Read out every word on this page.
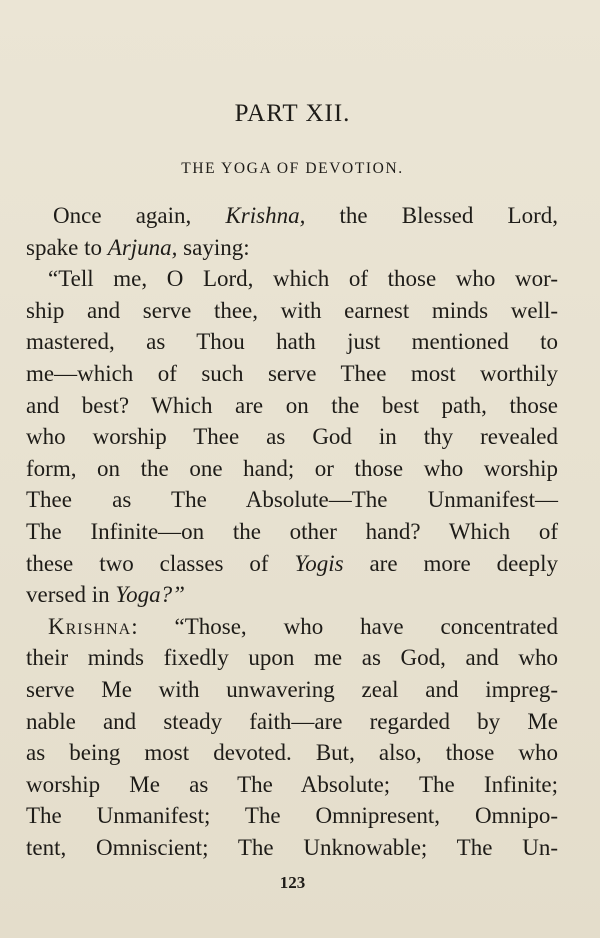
PART XII.
THE YOGA OF DEVOTION.
Once again, Krishna, the Blessed Lord,
spake to Arjuna, saying:
“Tell me, O Lord, which of those who wor-
ship and serve thee, with earnest minds well-
mastered, as Thou hath just mentioned to
me—which of such serve Thee most worthily
and best? Which are on the best path, those
who worship Thee as God in thy revealed
form, on the one hand; or those who worship
Thee as The Absolute—The Unmanifest—
The Infinite—on the other hand? Which of
these two classes of Yogis are more deeply
versed in Yoga?”
Krishna: “Those, who have concentrated
their minds fixedly upon me as God, and who
serve Me with unwavering zeal and impreg-
nable and steady faith—are regarded by Me
as being most devoted. But, also, those who
worship Me as The Absolute; The Infinite;
The Unmanifest; The Omnipresent, Omnipo-
tent, Omniscient; The Unknowable; The Un-
123
